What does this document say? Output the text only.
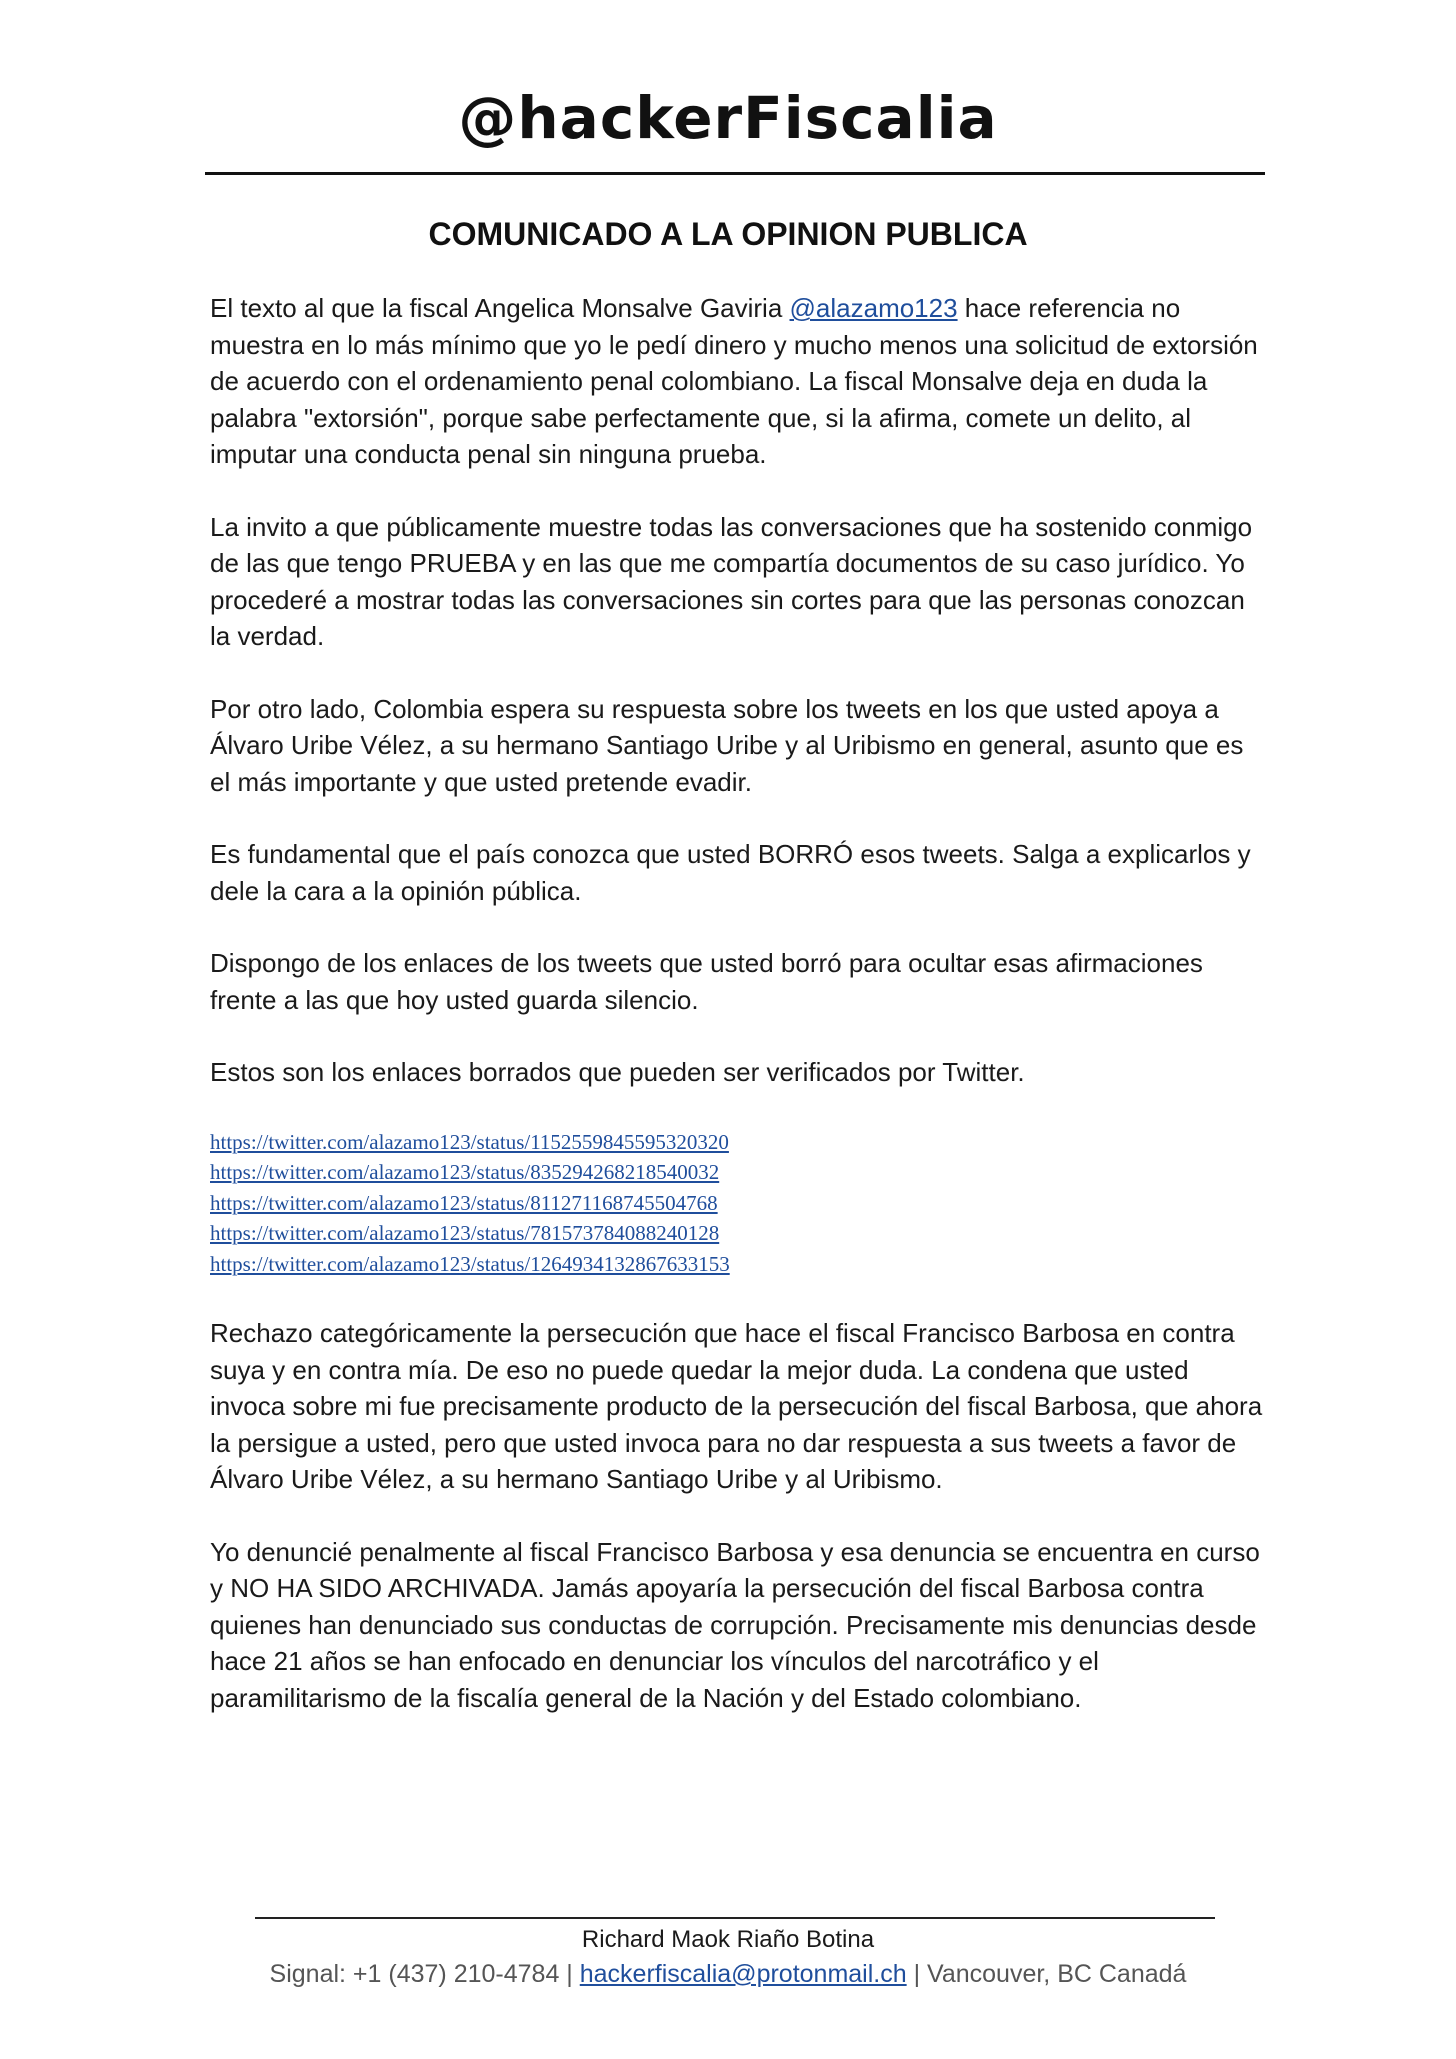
@hackerFiscalia
COMUNICADO A LA OPINION PUBLICA

El texto al que la fiscal Angelica Monsalve Gaviria @alazamo123 hace referencia no muestra en lo más mínimo que yo le pedí dinero y mucho menos una solicitud de extorsión de acuerdo con el ordenamiento penal colombiano. La fiscal Monsalve deja en duda la palabra "extorsión", porque sabe perfectamente que, si la afirma, comete un delito, al imputar una conducta penal sin ninguna prueba.

La invito a que públicamente muestre todas las conversaciones que ha sostenido conmigo de las que tengo PRUEBA y en las que me compartía documentos de su caso jurídico. Yo procederé a mostrar todas las conversaciones sin cortes para que las personas conozcan la verdad.

Por otro lado, Colombia espera su respuesta sobre los tweets en los que usted apoya a Álvaro Uribe Vélez, a su hermano Santiago Uribe y al Uribismo en general, asunto que es el más importante y que usted pretende evadir.

Es fundamental que el país conozca que usted BORRÓ esos tweets. Salga a explicarlos y dele la cara a la opinión pública.

Dispongo de los enlaces de los tweets que usted borró para ocultar esas afirmaciones frente a las que hoy usted guarda silencio.

Estos son los enlaces borrados que pueden ser verificados por Twitter.

https://twitter.com/alazamo123/status/1152559845595320320
https://twitter.com/alazamo123/status/835294268218540032
https://twitter.com/alazamo123/status/811271168745504768
https://twitter.com/alazamo123/status/781573784088240128
https://twitter.com/alazamo123/status/1264934132867633153

Rechazo categóricamente la persecución que hace el fiscal Francisco Barbosa en contra suya y en contra mía. De eso no puede quedar la mejor duda. La condena que usted invoca sobre mi fue precisamente producto de la persecución del fiscal Barbosa, que ahora la persigue a usted, pero que usted invoca para no dar respuesta a sus tweets a favor de Álvaro Uribe Vélez, a su hermano Santiago Uribe y al Uribismo.

Yo denuncié penalmente al fiscal Francisco Barbosa y esa denuncia se encuentra en curso y NO HA SIDO ARCHIVADA. Jamás apoyaría la persecución del fiscal Barbosa contra quienes han denunciado sus conductas de corrupción. Precisamente mis denuncias desde hace 21 años se han enfocado en denunciar los vínculos del narcotráfico y el paramilitarismo de la fiscalía general de la Nación y del Estado colombiano.

Richard Maok Riaño Botina
Signal: +1 (437) 210-4784 | hackerfiscalia@protonmail.ch | Vancouver, BC Canadá
